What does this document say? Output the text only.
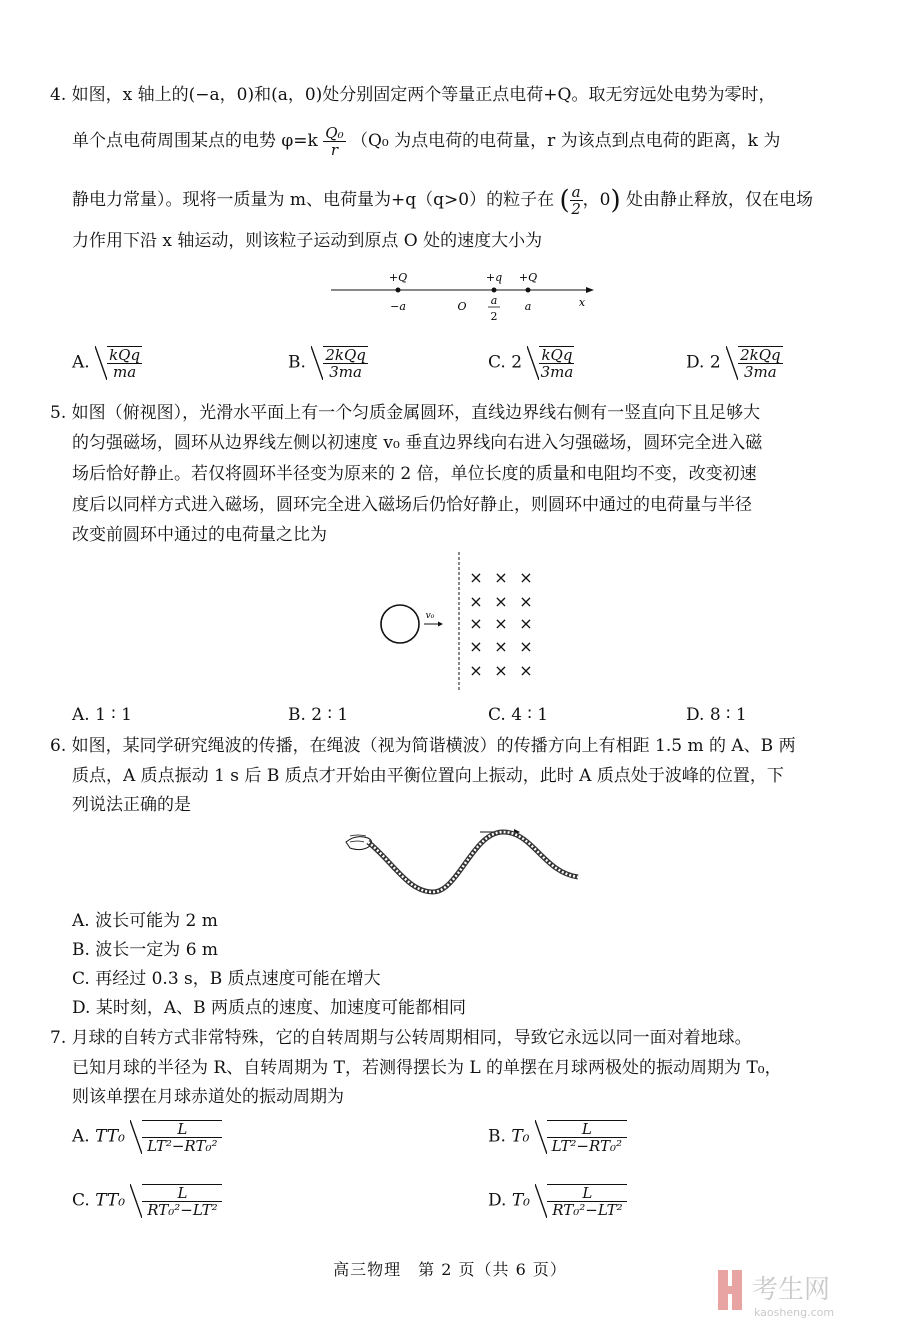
4. 如图，x 轴上的(−a，0)和(a，0)处分别固定两个等量正点电荷+Q。取无穷远处电势为零时，
单个点电荷周围某点的电势 $\varphi=k \frac{\text{Q₀}}{r} (Q_0$ 为点电荷的电荷量，r 为该点到点电荷的距离，k 为
静电力常量）。现将一质量为 m、电荷量为+q（q>0）的粒子在 ( $\frac{a}{2}$ ，0) 处由静止释放，仅在电场
力作用下沿 x 轴运动，则该粒子运动到原点 O 处的速度大小为
+Q	+q +Q
−a	O	a	x
a
2
A. $\frac{\text{kQq}}{ma}$	B. $\frac{\text{2kQq}}{3ma}$	C. $2 \frac{\text{kQq}}{3ma}$	D. $2 \frac{\text{2kQq}}{3ma}$
5. 如图（俯视图），光滑水平面上有一个匀质金属圆环，直线边界线右侧有一竖直向下且足够大
的匀强磁场，圆环从边界线左侧以初速度 v₀ 垂直边界线向右进入匀强磁场，圆环完全进入磁
场后恰好静止。若仅将圆环半径变为原来的 2 倍，单位长度的质量和电阻均不变，改变初速
度后以同样方式进入磁场，圆环完全进入磁场后仍恰好静止，则圆环中通过的电荷量与半径
改变前圆环中通过的电荷量之比为
v₀
× × ×
× × ×
× × ×
× × ×
× × ×
A. 1 ∶ 1	B. 2 ∶ 1	C. 4 ∶ 1	D. 8 ∶ 1
6. 如图，某同学研究绳波的传播，在绳波（视为简谐横波）的传播方向上有相距 1.5 m 的 A、B 两
质点，A 质点振动 1 s 后 B 质点才开始由平衡位置向上振动，此时 A 质点处于波峰的位置，下
列说法正确的是
A. 波长可能为 2 m
B. 波长一定为 6 m
C. 再经过 0.3 s，B 质点速度可能在增大
D. 某时刻，A、B 两质点的速度、加速度可能都相同
7. 月球的自转方式非常特殊，它的自转周期与公转周期相同，导致它永远以同一面对着地球。
已知月球的半径为 R、自转周期为 T，若测得摆长为 L 的单摆在月球两极处的振动周期为 T₀，
则该单摆在月球赤道处的振动周期为
A. $TT_0 \frac{L}{\text{LT²−RT₀²}}$	B. $T_0 \frac{L}{\text{LT²−RT₀²}}$
C. $TT_0 \frac{L}{\text{RT₀²−LT²}}$	D. $T_0 \frac{L}{\text{RT₀²−LT²}}$
高三物理　第 2 页（共 6 页）
考生网
kaosheng.com
